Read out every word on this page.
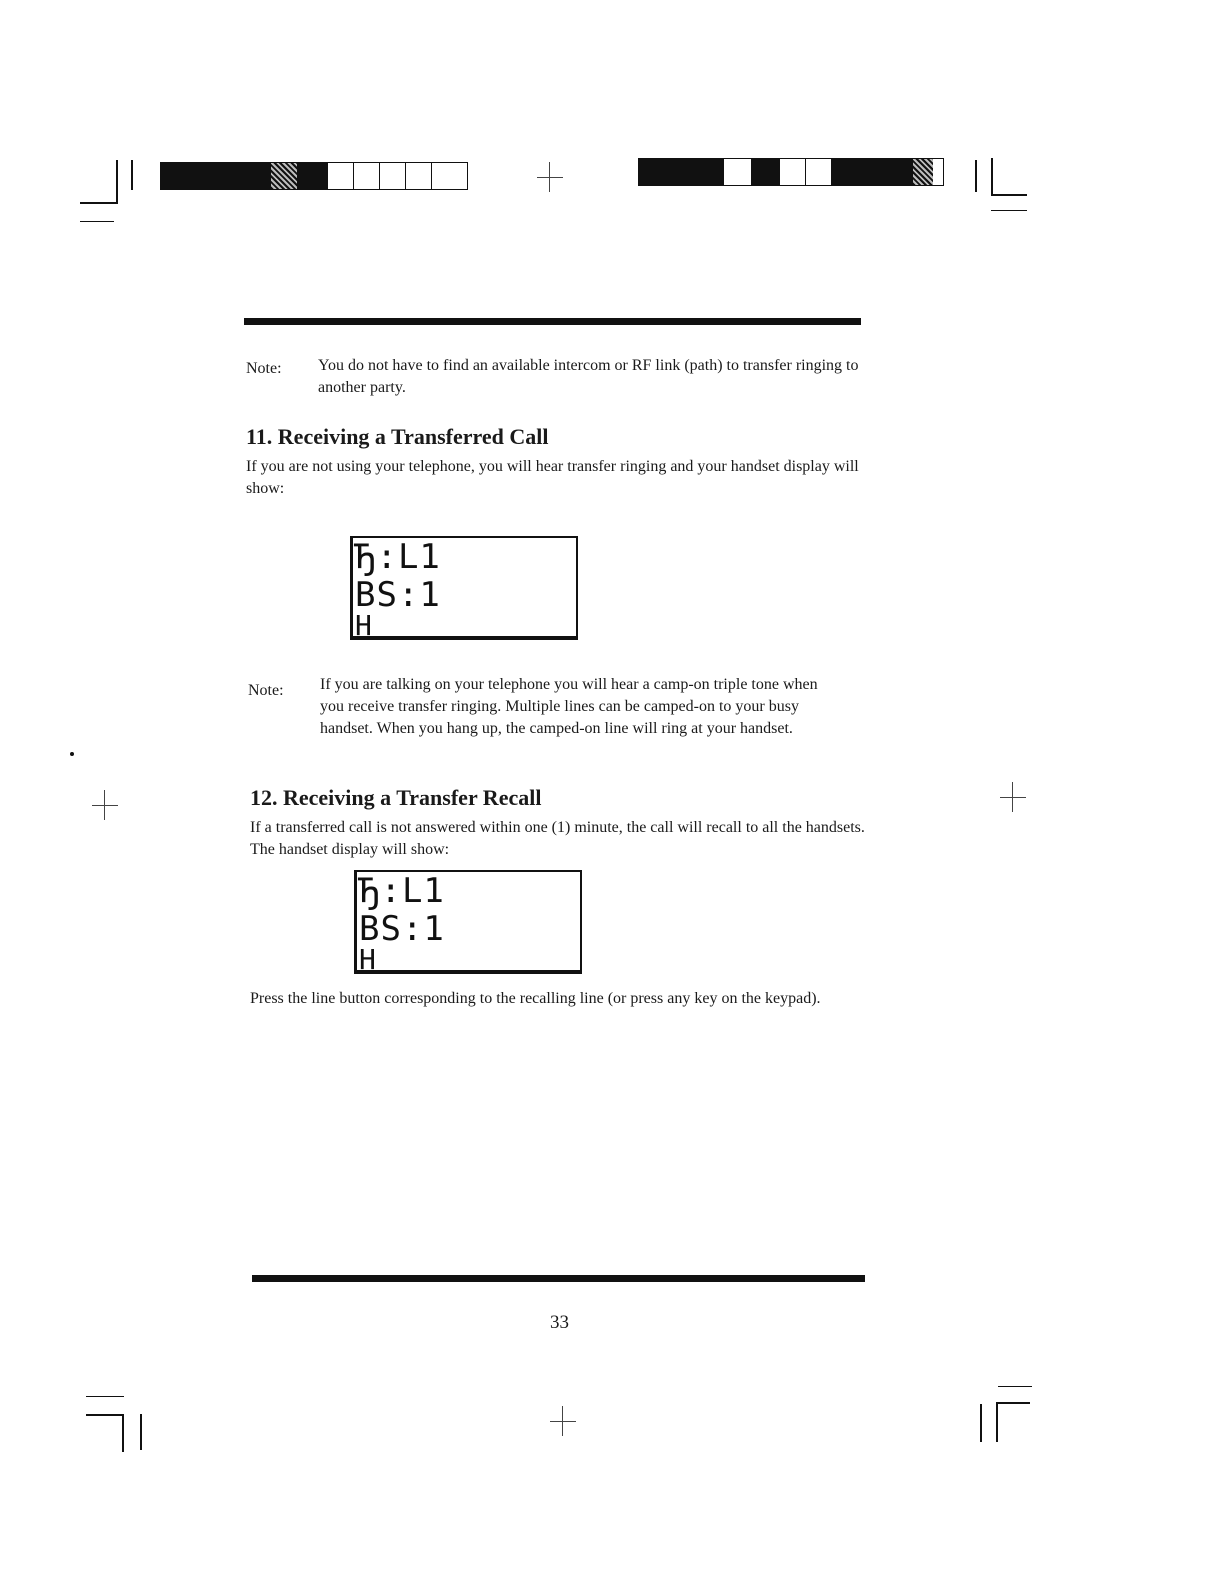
Note: You do not have to find an available intercom or RF link (path) to transfer ringing to another party.
11. Receiving a Transferred Call
If you are not using your telephone, you will hear transfer ringing and your handset display will show:
Ђ:L1
BS:1
H
Note: If you are talking on your telephone you will hear a camp-on triple tone when you receive transfer ringing. Multiple lines can be camped-on to your busy handset. When you hang up, the camped-on line will ring at your handset.
12. Receiving a Transfer Recall
If a transferred call is not answered within one (1) minute, the call will recall to all the handsets. The handset display will show:
Ђ:L1
BS:1
H
Press the line button corresponding to the recalling line (or press any key on the keypad).
33
